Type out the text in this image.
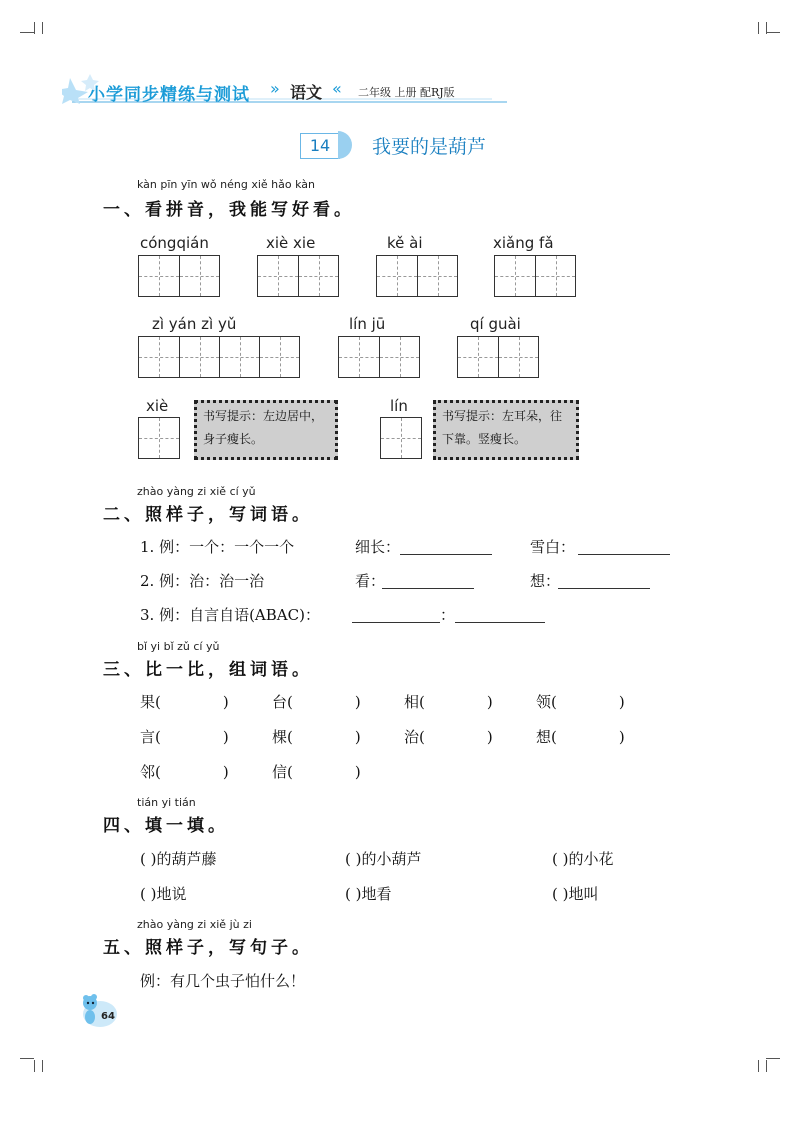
小学同步精练与测试	语文	二年级 上册 配RJ版
»	«
14	我要的是葫芦
kàn pīn yīn wǒ néng xiě hǎo kàn
一、看拼音，我能写好看。
cóngqián	xiè xie	kě ài	xiǎng fǎ
zì yán zì yǔ	lín jū	qí guài
xiè
书写提示：左边居中，身子瘦长。
lín
书写提示：左耳朵，往下靠。竖瘦长。
zhào yàng zi xiě cí yǔ
二、照样子，写词语。
1. 例：一个：一个一个	细长：	雪白：
2. 例：治：治一治	看：	想：
3. 例：自言自语(ABAC)：	：
bǐ yi bǐ zǔ cí yǔ
三、比一比，组词语。
果(	)	台(	)	相(	)	领(	)
言(	)	棵(	)	治(	)	想(	)
邻(	)	信(	)
tián yi tián
四、填一填。
( )的葫芦藤	( )的小葫芦	( )的小花
( )地说	( )地看	( )地叫
zhào yàng zi xiě jù zi
五、照样子，写句子。
例：有几个虫子怕什么！
64
